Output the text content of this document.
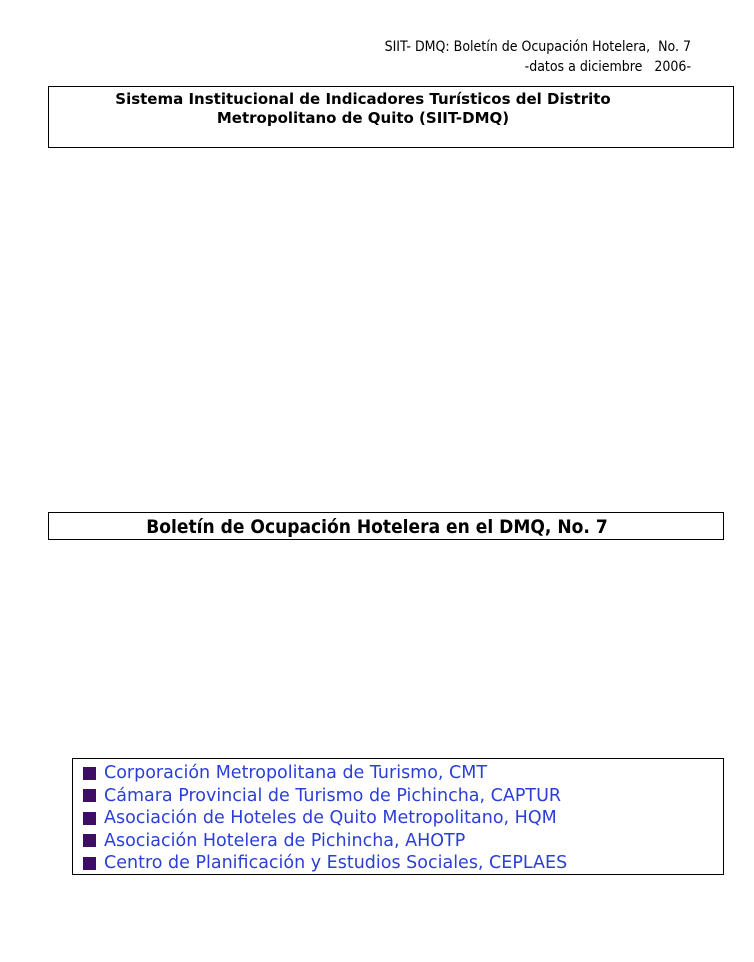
SIIT- DMQ: Boletín de Ocupación Hotelera,  No. 7
-datos a diciembre   2006-
Sistema Institucional de Indicadores Turísticos del Distrito
Metropolitano de Quito (SIIT-DMQ)
Boletín de Ocupación Hotelera en el DMQ, No. 7
Corporación Metropolitana de Turismo, CMT
Cámara Provincial de Turismo de Pichincha, CAPTUR
Asociación de Hoteles de Quito Metropolitano, HQM
Asociación Hotelera de Pichincha, AHOTP
Centro de Planificación y Estudios Sociales, CEPLAES
